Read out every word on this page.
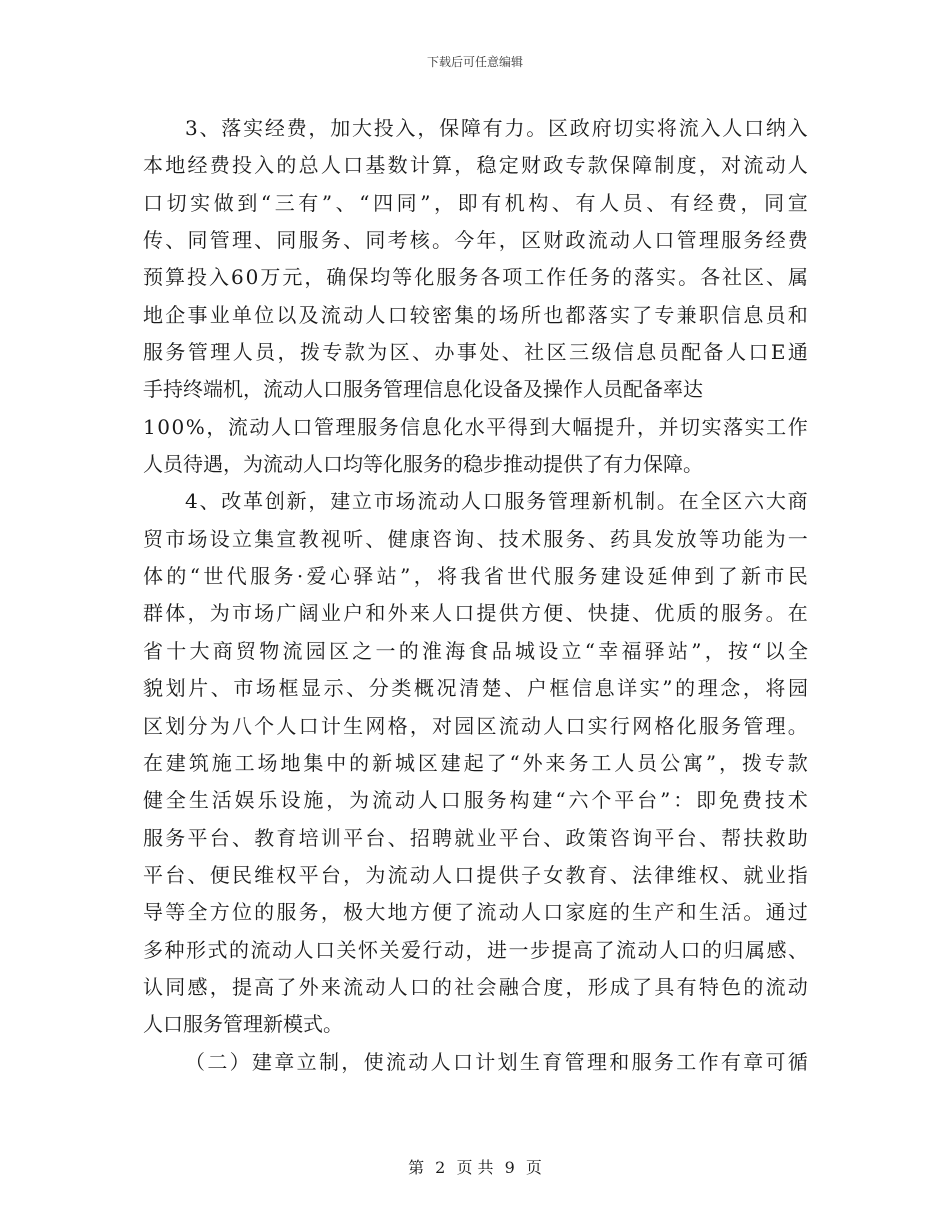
下载后可任意编辑
3 、 落 实 经 费 ， 加 大 投 入 ， 保 障 有 力 。 区 政 府 切 实 将 流 入 人 口 纳 入
本 地 经 费 投 入 的 总 人 口 基 数 计 算 ， 稳 定 财 政 专 款 保 障 制 度 ， 对 流 动 人
口 切 实 做 到 “ 三 有 ” 、 “ 四 同 ” ， 即 有 机 构 、 有 人 员 、 有 经 费 ， 同 宣
传 、 同 管 理 、 同 服 务 、 同 考 核 。 今 年 ， 区 财 政 流 动 人 口 管 理 服 务 经 费
预 算 投 入 6 0 万 元 ， 确 保 均 等 化 服 务 各 项 工 作 任 务 的 落 实 。 各 社 区 、 属
地 企 事 业 单 位 以 及 流 动 人 口 较 密 集 的 场 所 也 都 落 实 了 专 兼 职 信 息 员 和
服 务 管 理 人 员 ， 拨 专 款 为 区 、 办 事 处 、 社 区 三 级 信 息 员 配 备 人 口 E 通
手持终端机，流动人口服务管理信息化设备及操作人员配备率达
1 0 0 % ， 流 动 人 口 管 理 服 务 信 息 化 水 平 得 到 大 幅 提 升 ， 并 切 实 落 实 工 作
人员待遇，为流动人口均等化服务的稳步推动提供了有力保障。
4 、 改 革 创 新 ， 建 立 市 场 流 动 人 口 服 务 管 理 新 机 制 。 在 全 区 六 大 商
贸 市 场 设 立 集 宣 教 视 听 、 健 康 咨 询 、 技 术 服 务 、 药 具 发 放 等 功 能 为 一
体 的 “ 世 代 服 务 · 爱 心 驿 站 ” ， 将 我 省 世 代 服 务 建 设 延 伸 到 了 新 市 民
群 体 ， 为 市 场 广 阔 业 户 和 外 来 人 口 提 供 方 便 、 快 捷 、 优 质 的 服 务 。 在
省 十 大 商 贸 物 流 园 区 之 一 的 淮 海 食 品 城 设 立 “ 幸 福 驿 站 ” ， 按 “ 以 全
貌 划 片 、 市 场 框 显 示 、 分 类 概 况 清 楚 、 户 框 信 息 详 实 ” 的 理 念 ， 将 园
区 划 分 为 八 个 人 口 计 生 网 格 ， 对 园 区 流 动 人 口 实 行 网 格 化 服 务 管 理 。
在 建 筑 施 工 场 地 集 中 的 新 城 区 建 起 了 “ 外 来 务 工 人 员 公 寓 ” ， 拨 专 款
健 全 生 活 娱 乐 设 施 ， 为 流 动 人 口 服 务 构 建 “ 六 个 平 台 ” ： 即 免 费 技 术
服 务 平 台 、 教 育 培 训 平 台 、 招 聘 就 业 平 台 、 政 策 咨 询 平 台 、 帮 扶 救 助
平 台 、 便 民 维 权 平 台 ， 为 流 动 人 口 提 供 子 女 教 育 、 法 律 维 权 、 就 业 指
导 等 全 方 位 的 服 务 ， 极 大 地 方 便 了 流 动 人 口 家 庭 的 生 产 和 生 活 。 通 过
多 种 形 式 的 流 动 人 口 关 怀 关 爱 行 动 ， 进 一 步 提 高 了 流 动 人 口 的 归 属 感 、
认 同 感 ， 提 高 了 外 来 流 动 人 口 的 社 会 融 合 度 ， 形 成 了 具 有 特 色 的 流 动
人口服务管理新模式。
（ 二 ） 建 章 立 制 ， 使 流 动 人 口 计 划 生 育 管 理 和 服 务 工 作 有 章 可 循
第 2 页 共 9 页
